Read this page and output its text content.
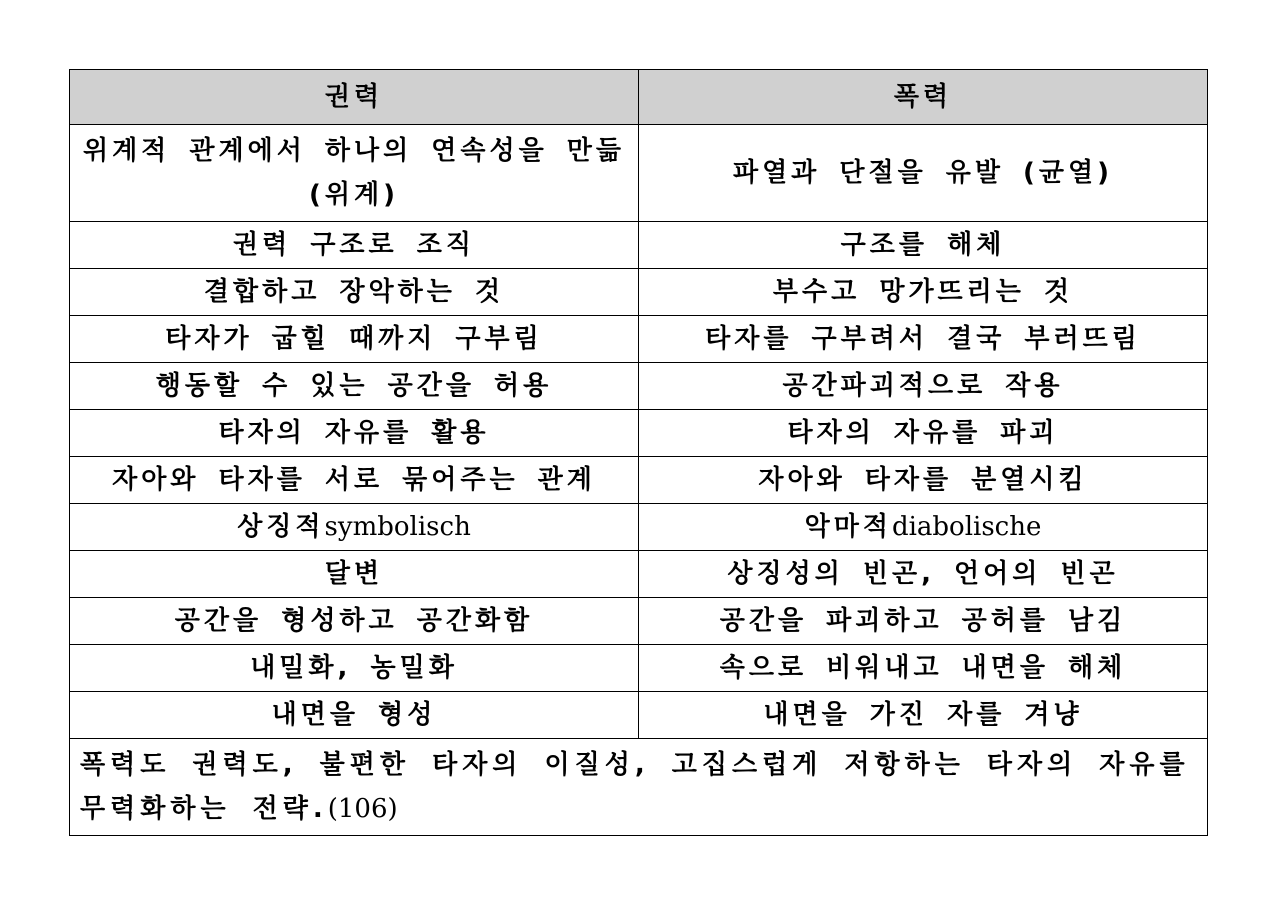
권력	폭력
위계적 관계에서 하나의 연속성을 만듦 (위계)	파열과 단절을 유발 (균열)
권력 구조로 조직	구조를 해체
결합하고 장악하는 것	부수고 망가뜨리는 것
타자가 굽힐 때까지 구부림	타자를 구부려서 결국 부러뜨림
행동할 수 있는 공간을 허용	공간파괴적으로 작용
타자의 자유를 활용	타자의 자유를 파괴
자아와 타자를 서로 묶어주는 관계	자아와 타자를 분열시킴
상징적symbolisch	악마적diabolische
달변	상징성의 빈곤, 언어의 빈곤
공간을 형성하고 공간화함	공간을 파괴하고 공허를 남김
내밀화, 농밀화	속으로 비워내고 내면을 해체
내면을 형성	내면을 가진 자를 겨냥
폭력도 권력도, 불편한 타자의 이질성, 고집스럽게 저항하는 타자의 자유를 무력화하는 전략.(106)	
